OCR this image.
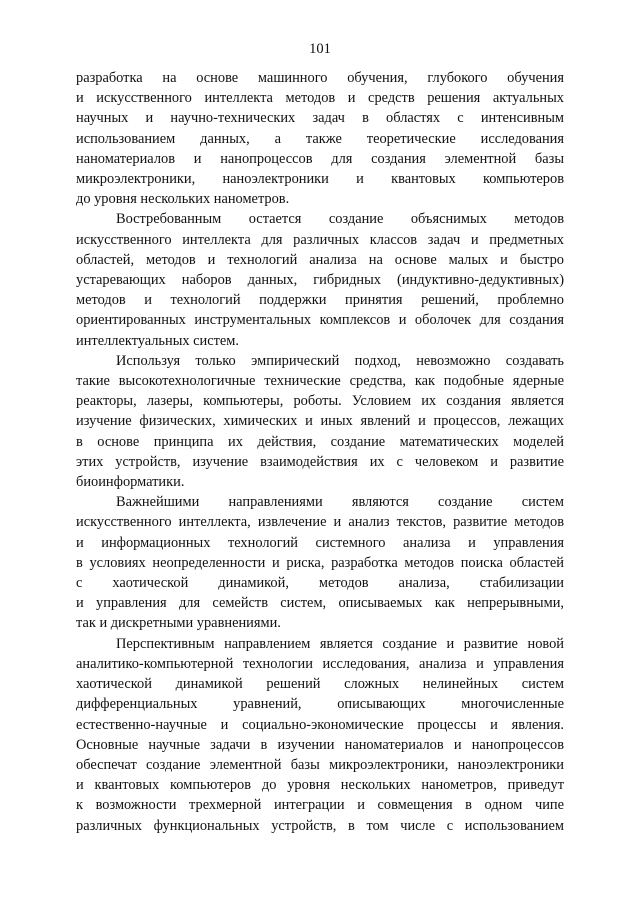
101

разработка на основе машинного обучения, глубокого обучения

и искусственного интеллекта методов и средств решения актуальных

научных и научно-технических задач в областях с интенсивным

использованием данных, а также теоретические исследования

наноматериалов и нанопроцессов для создания элементной базы

микроэлектроники, наноэлектроники и квантовых компьютеров

до уровня нескольких нанометров.

Востребованным остается создание объяснимых методов

искусственного интеллекта для различных классов задач и предметных

областей, методов и технологий анализа на основе малых и быстро

устаревающих наборов данных, гибридных (индуктивно-дедуктивных)

методов и технологий поддержки принятия решений, проблемно

ориентированных инструментальных комплексов и оболочек для создания

интеллектуальных систем.

Используя только эмпирический подход, невозможно создавать

такие высокотехнологичные технические средства, как подобные ядерные

реакторы, лазеры, компьютеры, роботы. Условием их создания является

изучение физических, химических и иных явлений и процессов, лежащих

в основе принципа их действия, создание математических моделей

этих устройств, изучение взаимодействия их с человеком и развитие

биоинформатики.

Важнейшими направлениями являются создание систем

искусственного интеллекта, извлечение и анализ текстов, развитие методов

и информационных технологий системного анализа и управления

в условиях неопределенности и риска, разработка методов поиска областей

с хаотической динамикой, методов анализа, стабилизации

и управления для семейств систем, описываемых как непрерывными,

так и дискретными уравнениями.

Перспективным направлением является создание и развитие новой

аналитико-компьютерной технологии исследования, анализа и управления

хаотической динамикой решений сложных нелинейных систем

дифференциальных уравнений, описывающих многочисленные

естественно-научные и социально-экономические процессы и явления.

Основные научные задачи в изучении наноматериалов и нанопроцессов

обеспечат создание элементной базы микроэлектроники, наноэлектроники

и квантовых компьютеров до уровня нескольких нанометров, приведут

к возможности трехмерной интеграции и совмещения в одном чипе

различных функциональных устройств, в том числе с использованием
